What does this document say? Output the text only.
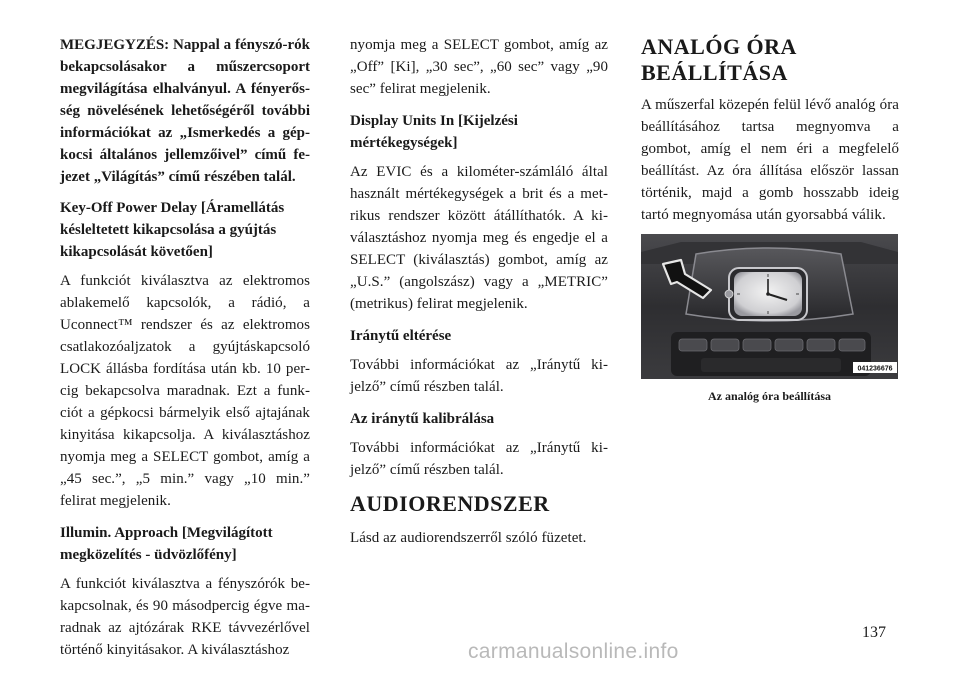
MEGJEGYZÉS: Nappal a fényszó-rók bekapcsolásakor a műszercsoport megvilágítása elhalványul. A fényerős-ség növelésének lehetőségéről további információkat az „Ismerkedés a gép-kocsi általános jellemzőivel” című fe-jezet „Világítás” című részében talál.

Key-Off Power Delay [Áramellátás késleltetett kikapcsolása a gyújtás kikapcsolását követően]

A funkciót kiválasztva az elektromos ablakemelő kapcsolók, a rádió, a Uconnect™ rendszer és az elektromos csatlakozóaljzatok a gyújtáskapcsoló LOCK állásba fordítása után kb. 10 per-cig bekapcsolva maradnak. Ezt a funk-ciót a gépkocsi bármelyik első ajtajának kinyitása kikapcsolja. A kiválasztáshoz nyomja meg a SELECT gombot, amíg a „45 sec.”, „5 min.” vagy „10 min.” felirat megjelenik.

Illumin. Approach [Megvilágított megközelítés - üdvözlőfény]

A funkciót kiválasztva a fényszórók be-kapcsolnak, és 90 másodpercig égve ma-radnak az ajtózárak RKE távvezérlővel történő kinyitásakor. A kiválasztáshoz

nyomja meg a SELECT gombot, amíg az „Off” [Ki], „30 sec”, „60 sec” vagy „90 sec” felirat megjelenik.

Display Units In [Kijelzési mértékegységek]

Az EVIC és a kilométer-számláló által használt mértékegységek a brit és a met-rikus rendszer között átállíthatók. A ki-választáshoz nyomja meg és engedje el a SELECT (kiválasztás) gombot, amíg az „U.S.” (angolszász) vagy a „METRIC” (metrikus) felirat megjelenik.

Iránytű eltérése

További információkat az „Iránytű ki-jelző” című részben talál.

Az iránytű kalibrálása

További információkat az „Iránytű ki-jelző” című részben talál.

AUDIORENDSZER

Lásd az audiorendszerről szóló füzetet.

ANALÓG ÓRA
BEÁLLÍTÁSA

A műszerfal közepén felül lévő analóg óra beállításához tartsa megnyomva a gombot, amíg el nem éri a megfelelő beállítást. Az óra állítása először lassan történik, majd a gomb hosszabb ideig tartó megnyomása után gyorsabbá válik.

041236676
Az analóg óra beállítása
137
carmanualsonline.info
